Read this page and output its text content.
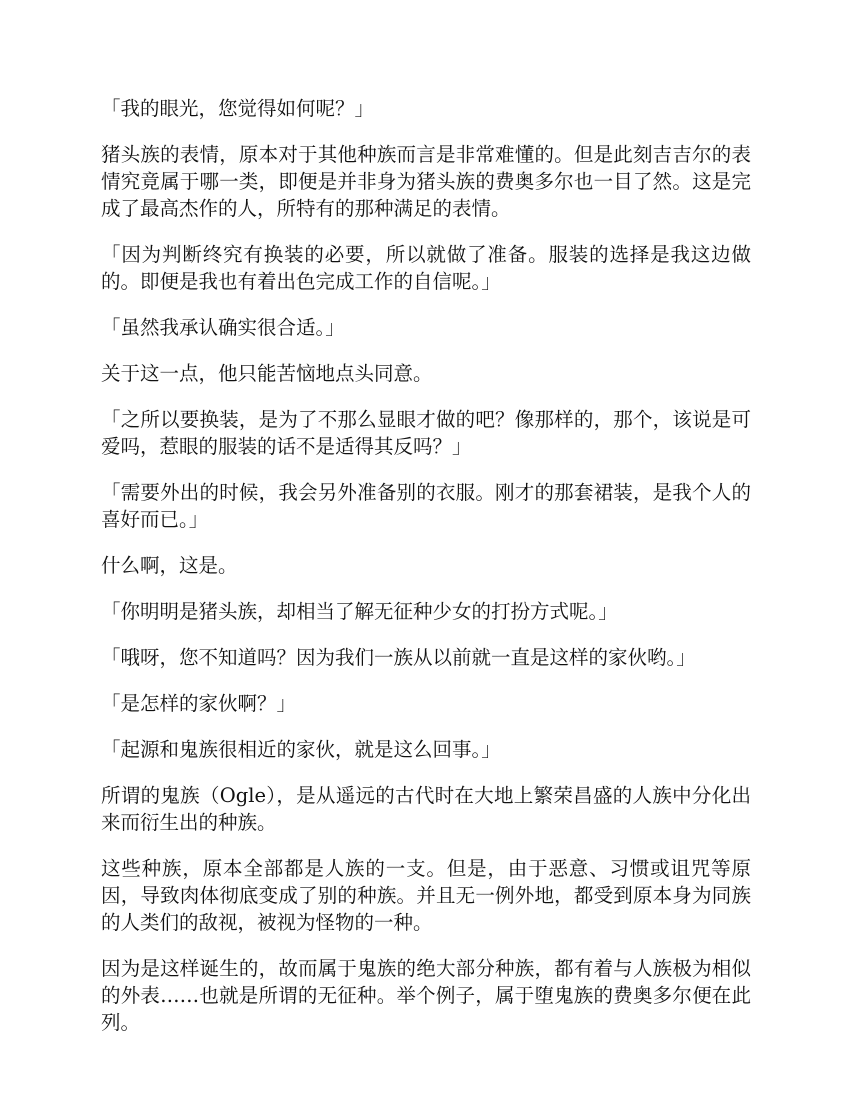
「我的眼光，您觉得如何呢？」

猪头族的表情，原本对于其他种族而言是非常难懂的。但是此刻吉吉尔的表情究竟属于哪一类，即便是并非身为猪头族的费奥多尔也一目了然。这是完成了最高杰作的人，所特有的那种满足的表情。

「因为判断终究有换装的必要，所以就做了准备。服装的选择是我这边做的。即便是我也有着出色完成工作的自信呢。」

「虽然我承认确实很合适。」

关于这一点，他只能苦恼地点头同意。

「之所以要换装，是为了不那么显眼才做的吧？像那样的，那个，该说是可爱吗，惹眼的服装的话不是适得其反吗？」

「需要外出的时候，我会另外准备别的衣服。刚才的那套裙装，是我个人的喜好而已。」

什么啊，这是。

「你明明是猪头族，却相当了解无征种少女的打扮方式呢。」

「哦呀，您不知道吗？因为我们一族从以前就一直是这样的家伙哟。」

「是怎样的家伙啊？」

「起源和鬼族很相近的家伙，就是这么回事。」

所谓的鬼族（Ogle），是从遥远的古代时在大地上繁荣昌盛的人族中分化出来而衍生出的种族。

这些种族，原本全部都是人族的一支。但是，由于恶意、习惯或诅咒等原因，导致肉体彻底变成了别的种族。并且无一例外地，都受到原本身为同族的人类们的敌视，被视为怪物的一种。

因为是这样诞生的，故而属于鬼族的绝大部分种族，都有着与人族极为相似的外表……也就是所谓的无征种。举个例子，属于堕鬼族的费奥多尔便在此列。
